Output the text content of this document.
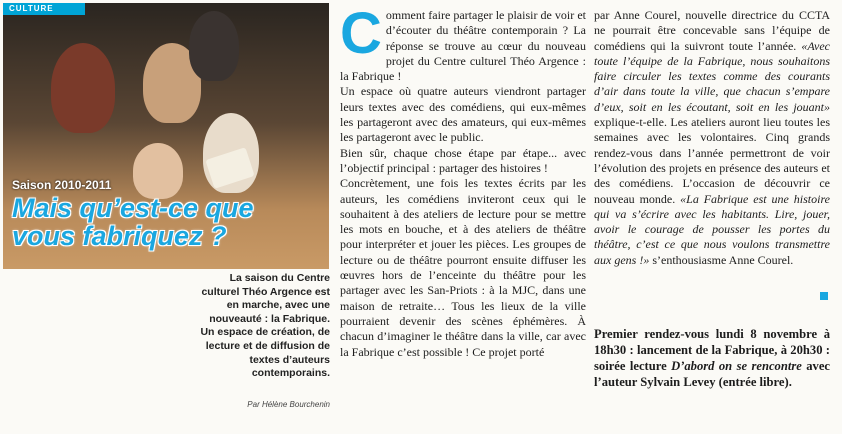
CULTURE
Saison 2010-2011
Mais qu’est-ce que vous fabriquez ?
La saison du Centre culturel Théo Argence est en marche, avec une nouveauté : la Fabrique. Un espace de création, de lecture et de diffusion de textes d’auteurs contemporains.
Par Hélène Bourchenin
C omment faire partager le plaisir de voir et d’écouter du théâtre contemporain ? La réponse se trouve au cœur du nouveau projet du Centre culturel Théo Argence : la Fabrique !

Un espace où quatre auteurs viendront partager leurs textes avec des comédiens, qui eux-mêmes les partageront avec des amateurs, qui eux-mêmes les partageront avec le public.

Bien sûr, chaque chose étape par étape... avec l’objectif principal : partager des histoires !

Concrètement, une fois les textes écrits par les auteurs, les comédiens inviteront ceux qui le souhaitent à des ateliers de lecture pour se mettre les mots en bouche, et à des ateliers de théâtre pour interpréter et jouer les pièces. Les groupes de lecture ou de théâtre pourront ensuite diffuser les œuvres hors de l’enceinte du théâtre pour les partager avec les San-Priots : à la MJC, dans une maison de retraite… Tous les lieux de la ville pourraient devenir des scènes éphémères. À chacun d’imaginer le théâtre dans la ville, car avec la Fabrique c’est possible ! Ce projet porté

par Anne Courel, nouvelle directrice du CCTA ne pourrait être concevable sans l’équipe de comédiens qui la suivront toute l’année. «Avec toute l’équipe de la Fabrique, nous souhaitons faire circuler les textes comme des courants d’air dans toute la ville, que chacun s’empare d’eux, soit en les écoutant, soit en les jouant» explique-t-elle. Les ateliers auront lieu toutes les semaines avec les volontaires. Cinq grands rendez-vous dans l’année permettront de voir l’évolution des projets en présence des auteurs et des comédiens. L’occasion de découvrir ce nouveau monde. «La Fabrique est une histoire qui va s’écrire avec les habitants. Lire, jouer, avoir le courage de pousser les portes du théâtre, c’est ce que nous voulons transmettre aux gens !» s’enthousiasme Anne Courel.

Premier rendez-vous lundi 8 novembre à 18h30 : lancement de la Fabrique, à 20h30 : soirée lecture D’abord on se rencontre avec l’auteur Sylvain Levey (entrée libre).
